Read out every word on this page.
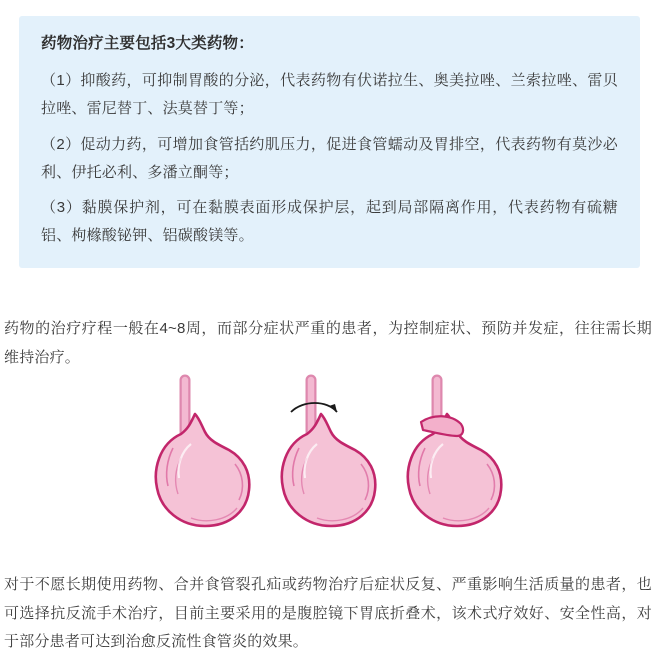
药物治疗主要包括3大类药物：

（1）抑酸药，可抑制胃酸的分泌，代表药物有伏诺拉生、奥美拉唑、兰索拉唑、雷贝拉唑、雷尼替丁、法莫替丁等；

（2）促动力药，可增加食管括约肌压力，促进食管蠕动及胃排空，代表药物有莫沙必利、伊托必利、多潘立酮等；

（3）黏膜保护剂，可在黏膜表面形成保护层，起到局部隔离作用，代表药物有硫糖铝、枸橼酸铋钾、铝碳酸镁等。

药物的治疗疗程一般在4~8周，而部分症状严重的患者，为控制症状、预防并发症，往往需长期维持治疗。

对于不愿长期使用药物、合并食管裂孔疝或药物治疗后症状反复、严重影响生活质量的患者，也可选择抗反流手术治疗，目前主要采用的是腹腔镜下胃底折叠术，该术式疗效好、安全性高，对于部分患者可达到治愈反流性食管炎的效果。
